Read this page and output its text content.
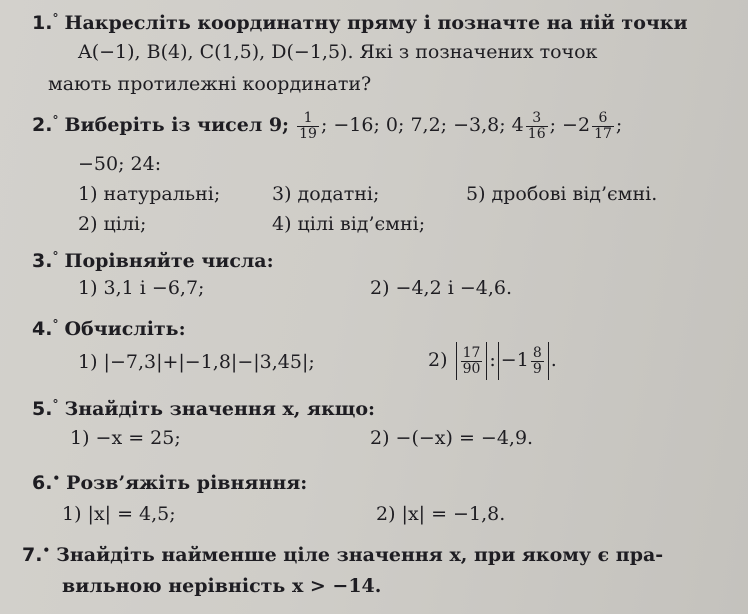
1.° Накресліть координатну пряму і позначте на ній точки
A(−1), B(4), C(1,5), D(−1,5). Які з позначених точок
мають протилежні координати?
2.° Виберіть із чисел 9; $\frac{1}{19}$ ; −16; 0; 7,2; −3,8; $4 \frac{3}{16}$ ; $-2 \frac{6}{17}$ ;
−50; 24:
1) натуральні;	3) додатні;	5) дробові від’ємні.
2) цілі;	4) цілі від’ємні;
3.° Порівняйте числа:
1) 3,1 і −6,7;	2) −4,2 і −4,6.
4.° Обчисліть:
1) |−7,3|+|−1,8|−|3,45|;	$2) \frac{17}{90}$ : $-1 \frac{8}{9}$ .
5.° Знайдіть значення x, якщо:
1) −x = 25;	2) −(−x) = −4,9.
6.• Розв’яжіть рівняння:
1) |x| = 4,5;	2) |x| = −1,8.
7.• Знайдіть найменше ціле значення x, при якому є пра-
вильною нерівність x > −14.
